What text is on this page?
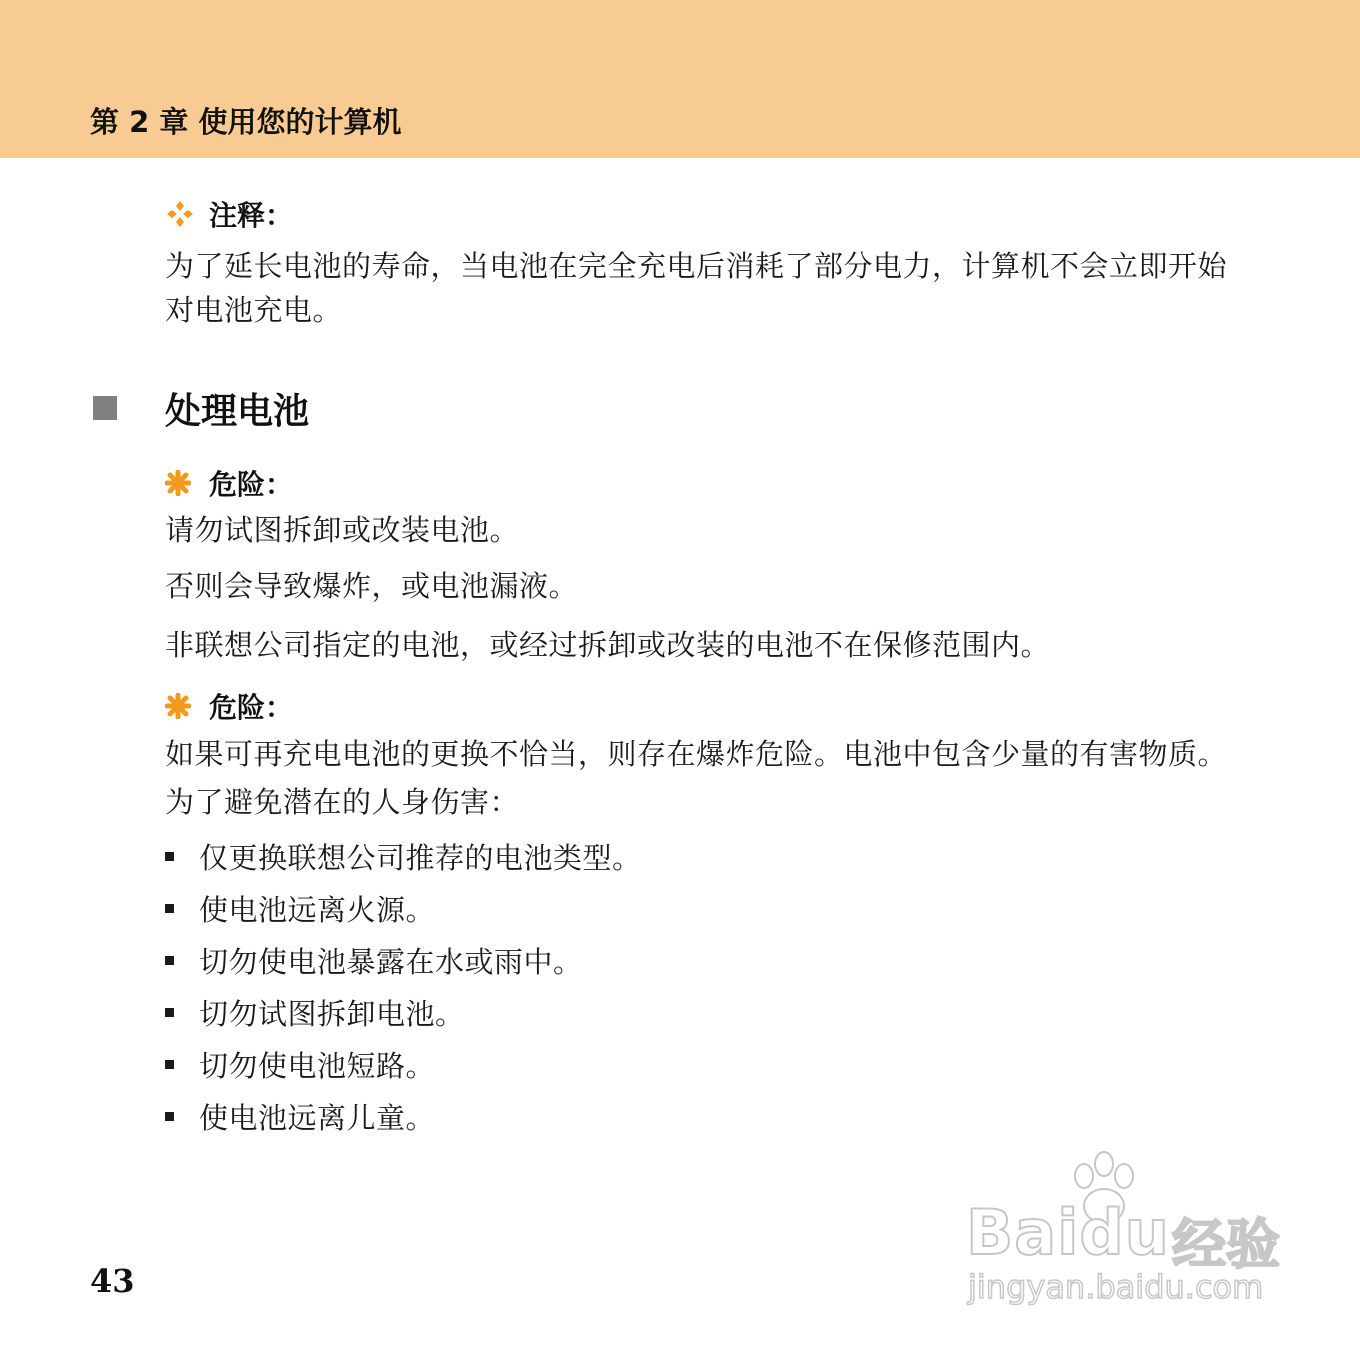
第 2 章 使用您的计算机
注释：
为了延长电池的寿命，当电池在完全充电后消耗了部分电力，计算机不会立即开始对电池充电。
处理电池
危险：
请勿试图拆卸或改装电池。
否则会导致爆炸，或电池漏液。
非联想公司指定的电池，或经过拆卸或改装的电池不在保修范围内。
危险：
如果可再充电电池的更换不恰当，则存在爆炸危险。电池中包含少量的有害物质。为了避免潜在的人身伤害：
仅更换联想公司推荐的电池类型。
使电池远离火源。
切勿使电池暴露在水或雨中。
切勿试图拆卸电池。
切勿使电池短路。
使电池远离儿童。
43
Baidu 经验
jingyan.baidu.com
